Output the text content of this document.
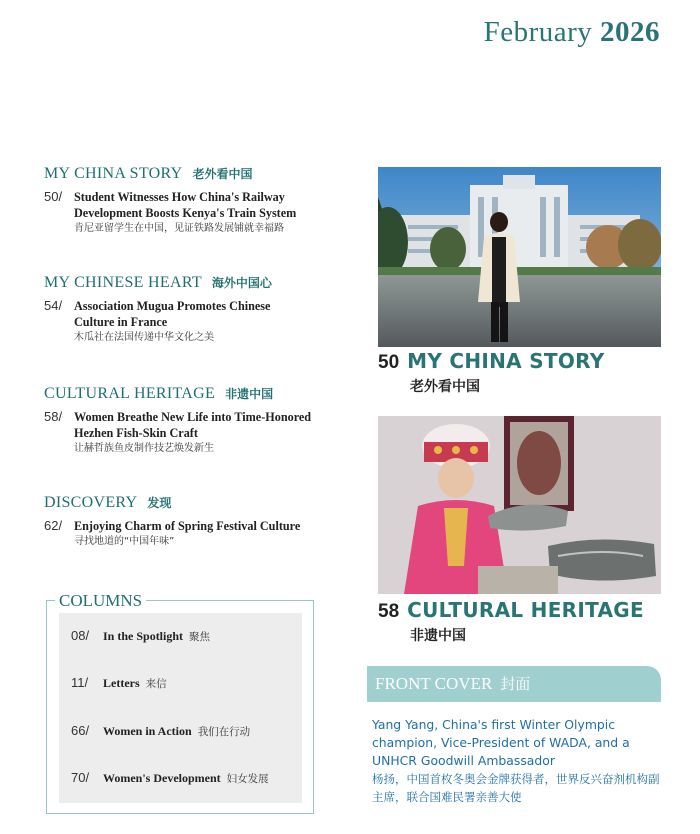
February 2026
MY CHINA STORY 老外看中国
50/ Student Witnesses How China's Railway
Development Boosts Kenya's Train System
肯尼亚留学生在中国，见证铁路发展铺就幸福路
MY CHINESE HEART 海外中国心
54/ Association Mugua Promotes Chinese
Culture in France
木瓜社在法国传递中华文化之美
CULTURAL HERITAGE 非遗中国
58/ Women Breathe New Life into Time-Honored
Hezhen Fish-Skin Craft
让赫哲族鱼皮制作技艺焕发新生
DISCOVERY 发现
62/ Enjoying Charm of Spring Festival Culture
寻找地道的“中国年味”
COLUMNS
08/	In the Spotlight 聚焦
11/	Letters 来信
66/	Women in Action 我们在行动
70/	Women's Development 妇女发展
50 MY CHINA STORY
老外看中国
58 CULTURAL HERITAGE
非遗中国
FRONT COVER 封面
Yang Yang, China's first Winter Olympic champion, Vice-President of WADA, and a UNHCR Goodwill Ambassador
杨扬，中国首枚冬奥会金牌获得者，世界反兴奋剂机构副主席，联合国难民署亲善大使
